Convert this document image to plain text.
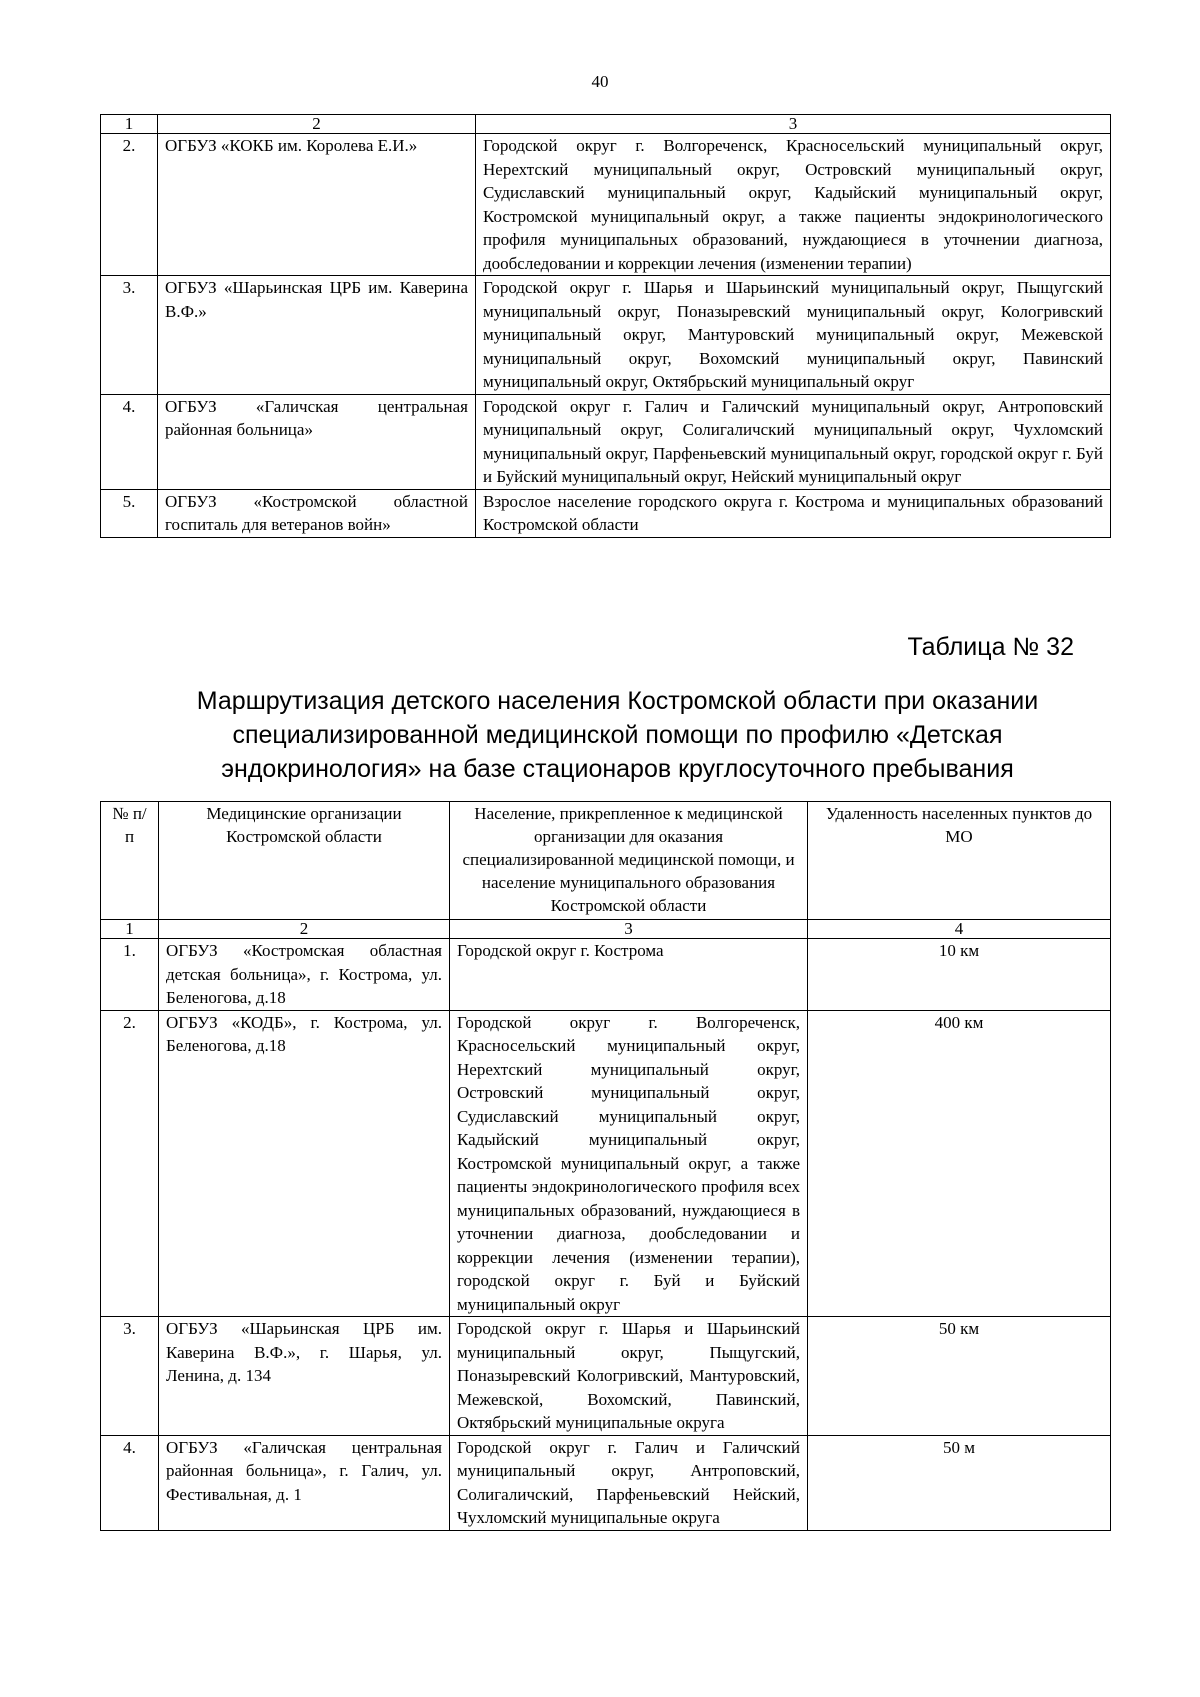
40
1	2	3
2.	ОГБУЗ «КОКБ им. Королева Е.И.»	Городской округ г. Волгореченск, Красносельский муниципальный округ, Нерехтский муниципальный округ, Островский муниципальный округ, Судиславский муниципальный округ, Кадыйский муниципальный округ, Костромской муниципальный округ, а также пациенты эндокринологического профиля муниципальных образований, нуждающиеся в уточнении диагноза, дообследовании и коррекции лечения (изменении терапии)
3.	ОГБУЗ «Шарьинская ЦРБ им. Каверина В.Ф.»	Городской округ г. Шарья и Шарьинский муниципальный округ, Пыщугский муниципальный округ, Поназыревский муниципальный округ, Кологривский муниципальный округ, Мантуровский муниципальный округ, Межевской муниципальный округ, Вохомский муниципальный округ, Павинский муниципальный округ, Октябрьский муниципальный округ
4.	ОГБУЗ «Галичская центральная районная больница»	Городской округ г. Галич и Галичский муниципальный округ, Антроповский муниципальный округ, Солигаличский муниципальный округ, Чухломский муниципальный округ, Парфеньевский муниципальный округ, городской округ г. Буй и Буйский муниципальный округ, Нейский муниципальный округ
5.	ОГБУЗ «Костромской областной госпиталь для ветеранов войн»	Взрослое население городского округа г. Кострома и муниципальных образований Костромской области
Таблица № 32
Маршрутизация детского населения Костромской области при оказании специализированной медицинской помощи по профилю «Детская эндокринология» на базе стационаров круглосуточного пребывания
№ п/п	Медицинские организации Костромской области	Население, прикрепленное к медицинской организации для оказания специализированной медицинской помощи, и население муниципального образования Костромской области	Удаленность населенных пунктов до МО
1	2	3	4
1.	ОГБУЗ «Костромская областная детская больница», г. Кострома, ул. Беленогова, д.18	Городской округ г. Кострома	10 км
2.	ОГБУЗ «КОДБ», г. Кострома, ул. Беленогова, д.18	Городской округ г. Волгореченск, Красносельский муниципальный округ, Нерехтский муниципальный округ, Островский муниципальный округ, Судиславский муниципальный округ, Кадыйский муниципальный округ, Костромской муниципальный округ, а также пациенты эндокринологического профиля всех муниципальных образований, нуждающиеся в уточнении диагноза, дообследовании и коррекции лечения (изменении терапии), городской округ г. Буй и Буйский муниципальный округ	400 км
3.	ОГБУЗ «Шарьинская ЦРБ им. Каверина В.Ф.», г. Шарья, ул. Ленина, д. 134	Городской округ г. Шарья и Шарьинский муниципальный округ, Пыщугский, Поназыревский Кологривский, Мантуровский, Межевской, Вохомский, Павинский, Октябрьский муниципальные округа	50 км
4.	ОГБУЗ «Галичская центральная районная больница», г. Галич, ул. Фестивальная, д. 1	Городской округ г. Галич и Галичский муниципальный округ, Антроповский, Солигаличский, Парфеньевский Нейский, Чухломский муниципальные округа	50 м
